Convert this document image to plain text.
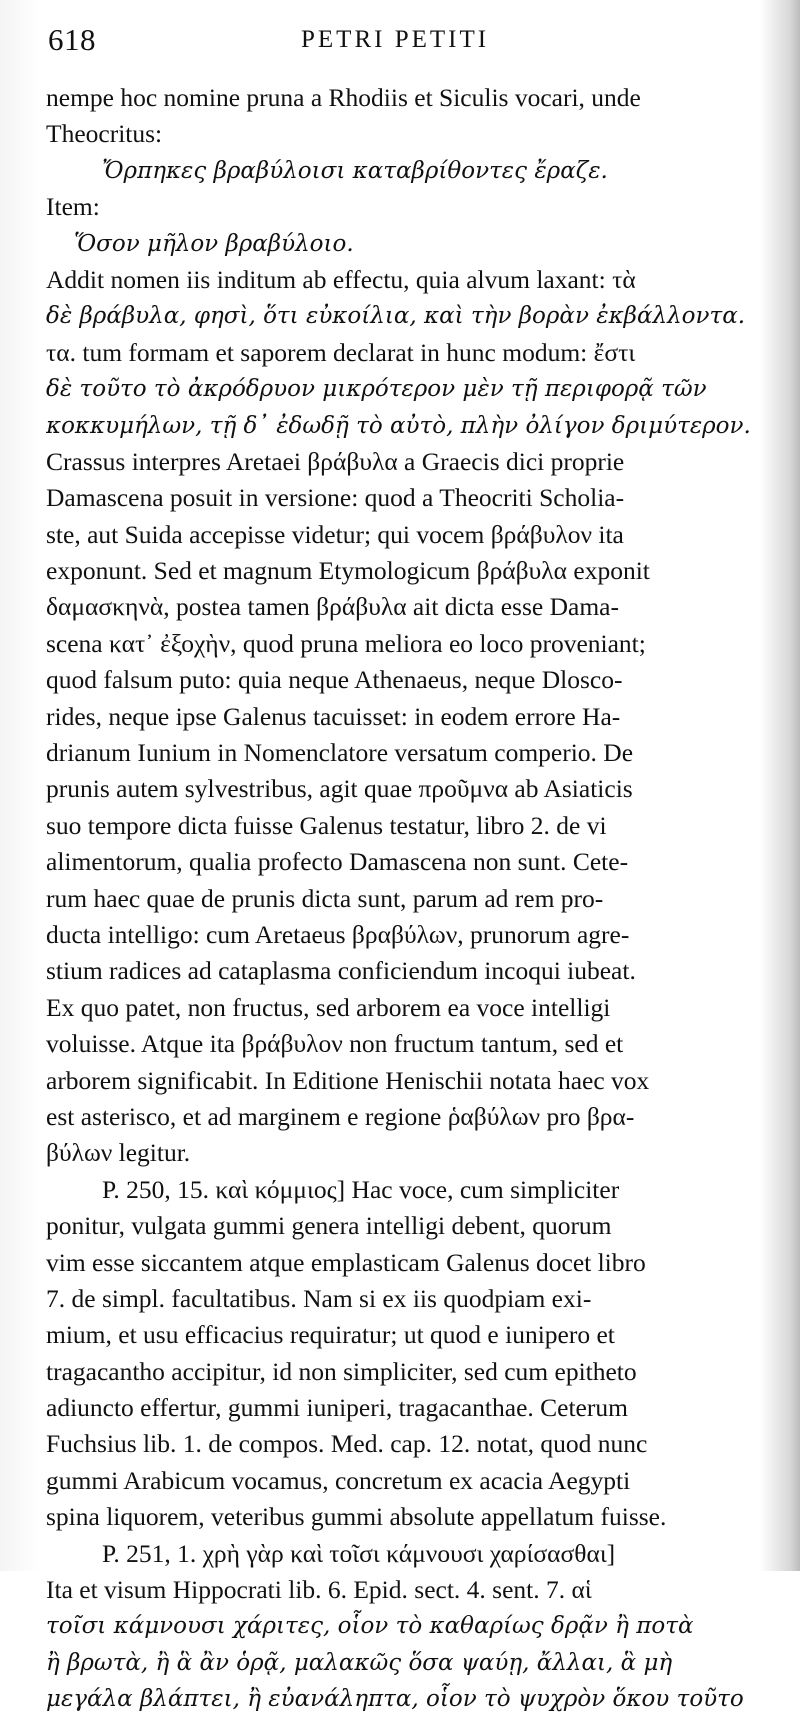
618	PETRI PETITI
nempe hoc nomine pruna a Rhodiis et Siculis vocari, unde
Theocritus:
Ὄρπηκες βραβύλοισι καταβρίθοντες ἔραζε.
Item:
Ὅσον μῆλον βραβύλοιο.
Addit nomen iis inditum ab effectu, quia alvum laxant: τὰ
δὲ βράβυλα, φησὶ, ὅτι εὐκοίλια, καὶ τὴν βορὰν ἐκβάλλοντα.
τα. tum formam et saporem declarat in hunc modum: ἔστι
δὲ τοῦτο τὸ ἀκρόδρυον μικρότερον μὲν τῇ περιφορᾷ τῶν
κοκκυμήλων, τῇ δ᾽ ἐδωδῇ τὸ αὐτὸ, πλὴν ὀλίγον δριμύτερον.
Crassus interpres Aretaei βράβυλα a Graecis dici proprie
Damascena posuit in versione: quod a Theocriti Scholia-
ste, aut Suida accepisse videtur; qui vocem βράβυλον ita
exponunt. Sed et magnum Etymologicum βράβυλα exponit
δαμασκηνὰ, postea tamen βράβυλα ait dicta esse Dama-
scena κατ᾽ ἐξοχὴν, quod pruna meliora eo loco proveniant;
quod falsum puto: quia neque Athenaeus, neque Dlosco-
rides, neque ipse Galenus tacuisset: in eodem errore Ha-
drianum Iunium in Nomenclatore versatum comperio. De
prunis autem sylvestribus, agit quae προῦμνα ab Asiaticis
suo tempore dicta fuisse Galenus testatur, libro 2. de vi
alimentorum, qualia profecto Damascena non sunt. Cete-
rum haec quae de prunis dicta sunt, parum ad rem pro-
ducta intelligo: cum Aretaeus βραβύλων, prunorum agre-
stium radices ad cataplasma conficiendum incoqui iubeat.
Ex quo patet, non fructus, sed arborem ea voce intelligi
voluisse. Atque ita βράβυλον non fructum tantum, sed et
arborem significabit. In Editione Henischii notata haec vox
est asterisco, et ad marginem e regione ῥαβύλων pro βρα-
βύλων legitur.
P. 250, 15. καὶ κόμμιος] Hac voce, cum simpliciter
ponitur, vulgata gummi genera intelligi debent, quorum
vim esse siccantem atque emplasticam Galenus docet libro
7. de simpl. facultatibus. Nam si ex iis quodpiam exi-
mium, et usu efficacius requiratur; ut quod e iunipero et
tragacantho accipitur, id non simpliciter, sed cum epitheto
adiuncto effertur, gummi iuniperi, tragacanthae. Ceterum
Fuchsius lib. 1. de compos. Med. cap. 12. notat, quod nunc
gummi Arabicum vocamus, concretum ex acacia Aegypti
spina liquorem, veteribus gummi absolute appellatum fuisse.
P. 251, 1. χρὴ γὰρ καὶ τοῖσι κάμνουσι χαρίσασθαι]
Ita et visum Hippocrati lib. 6. Epid. sect. 4. sent. 7. αἱ
τοῖσι κάμνουσι χάριτες, οἷον τὸ καθαρίως δρᾷν ἢ ποτὰ
ἢ βρωτὰ, ἢ ἃ ἂν ὁρᾷ, μαλακῶς ὅσα ψαύῃ, ἄλλαι, ἃ μὴ
μεγάλα βλάπτει, ἢ εὐανάληπτα, οἷον τὸ ψυχρὸν ὅκου τοῦτο
